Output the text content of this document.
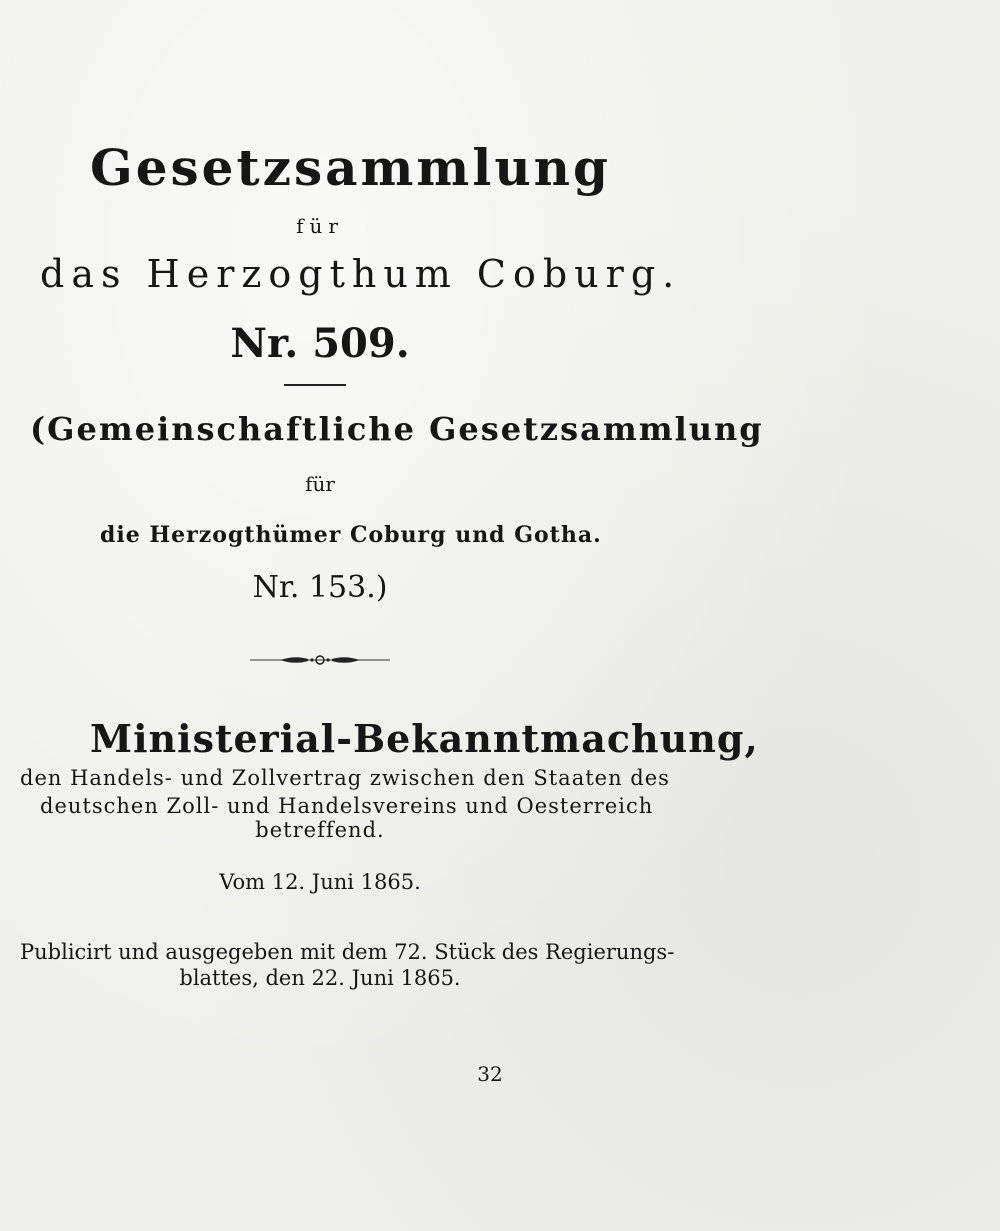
Gesetzsammlung
für
das Herzogthum Coburg.
Nr. 509.
(Gemeinschaftliche Gesetzsammlung
für
die Herzogthümer Coburg und Gotha.
Nr. 153.)
Ministerial-Bekanntmachung,
den Handels- und Zollvertrag zwischen den Staaten des
deutschen Zoll- und Handelsvereins und Oesterreich
betreffend.
Vom 12. Juni 1865.
Publicirt und ausgegeben mit dem 72. Stück des Regierungs-
blattes, den 22. Juni 1865.
32
